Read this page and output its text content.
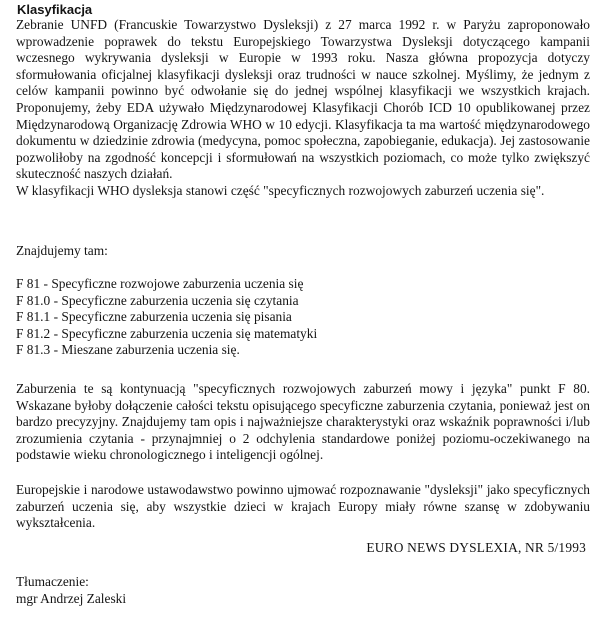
Klasyfikacja

Zebranie UNFD (Francuskie Towarzystwo Dysleksji) z 27 marca 1992 r. w Paryżu zaproponowało wprowadzenie poprawek do tekstu Europejskiego Towarzystwa Dysleksji dotyczącego kampanii wczesnego wykrywania dysleksji w Europie w 1993 roku. Nasza główna propozycja dotyczy sformułowania oficjalnej klasyfikacji dysleksji oraz trudności w nauce szkolnej. Myślimy, że jednym z celów kampanii powinno być odwołanie się do jednej wspólnej klasyfikacji we wszystkich krajach. Proponujemy, żeby EDA używało Międzynarodowej Klasyfikacji Chorób ICD 10 opublikowanej przez Międzynarodową Organizację Zdrowia WHO w 10 edycji. Klasyfikacja ta ma wartość międzynarodowego dokumentu w dziedzinie zdrowia (medycyna, pomoc społeczna, zapobieganie, edukacja). Jej zastosowanie pozwoliłoby na zgodność koncepcji i sformułowań na wszystkich poziomach, co może tylko zwiększyć skuteczność naszych działań.

W klasyfikacji WHO dysleksja stanowi część "specyficznych rozwojowych zaburzeń uczenia się".

Znajdujemy tam:

F 81 - Specyficzne rozwojowe zaburzenia uczenia się
F 81.0 - Specyficzne zaburzenia uczenia się czytania
F 81.1 - Specyficzne zaburzenia uczenia się pisania
F 81.2 - Specyficzne zaburzenia uczenia się matematyki
F 81.3 - Mieszane zaburzenia uczenia się.

Zaburzenia te są kontynuacją "specyficznych rozwojowych zaburzeń mowy i języka" punkt F 80. Wskazane byłoby dołączenie całości tekstu opisującego specyficzne zaburzenia czytania, ponieważ jest on bardzo precyzyjny. Znajdujemy tam opis i najważniejsze charakterystyki oraz wskaźnik poprawności i/lub zrozumienia czytania - przynajmniej o 2 odchylenia standardowe poniżej poziomu-oczekiwanego na podstawie wieku chronologicznego i inteligencji ogólnej.

Europejskie i narodowe ustawodawstwo powinno ujmować rozpoznawanie "dysleksji" jako specyficznych zaburzeń uczenia się, aby wszystkie dzieci w krajach Europy miały równe szansę w zdobywaniu wykształcenia.

EURO NEWS DYSLEXIA, NR 5/1993

Tłumaczenie:

mgr Andrzej Zaleski
